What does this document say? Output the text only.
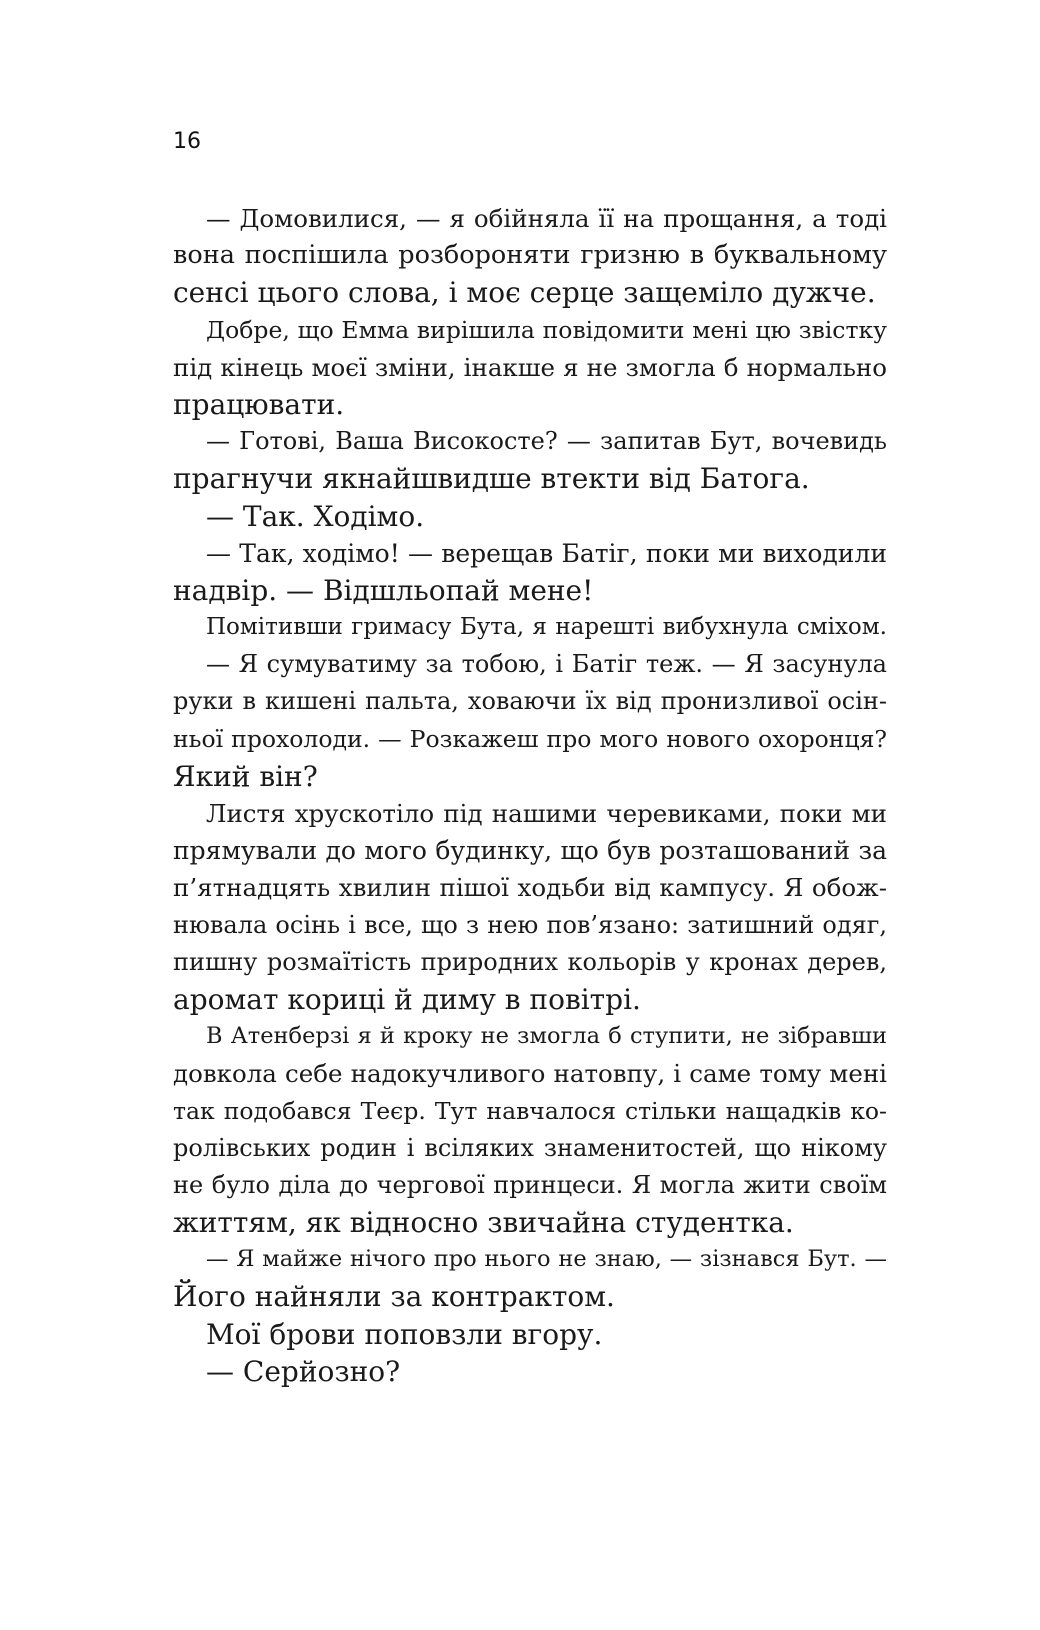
16
— Домовилися, — я обійняла її на прощання, а тоді
вона поспішила розбороняти гризню в буквальному
сенсі цього слова, і моє серце защеміло дужче.
Добре, що Емма вирішила повідомити мені цю звістку
під кінець моєї зміни, інакше я не змогла б нормально
працювати.
— Готові, Ваша Високосте? — запитав Бут, вочевидь
прагнучи якнайшвидше втекти від Батога.
— Так. Ходімо.
— Так, ходімо! — верещав Батіг, поки ми виходили
надвір. — Відшльопай мене!
Помітивши гримасу Бута, я нарешті вибухнула сміхом.
— Я сумуватиму за тобою, і Батіг теж. — Я засунула
руки в кишені пальта, ховаючи їх від пронизливої осін-
ньої прохолоди. — Розкажеш про мого нового охоронця?
Який він?
Листя хрускотіло під нашими черевиками, поки ми
прямували до мого будинку, що був розташований за
п’ятнадцять хвилин пішої ходьби від кампусу. Я обож-
нювала осінь і все, що з нею пов’язано: затишний одяг,
пишну розмаїтість природних кольорів у кронах дерев,
аромат кориці й диму в повітрі.
В Атенберзі я й кроку не змогла б ступити, не зібравши
довкола себе надокучливого натовпу, і саме тому мені
так подобався Теєр. Тут навчалося стільки нащадків ко-
ролівських родин і всіляких знаменитостей, що нікому
не було діла до чергової принцеси. Я могла жити своїм
життям, як відносно звичайна студентка.
— Я майже нічого про нього не знаю, — зізнався Бут. —
Його найняли за контрактом.
Мої брови поповзли вгору.
— Серйозно?
